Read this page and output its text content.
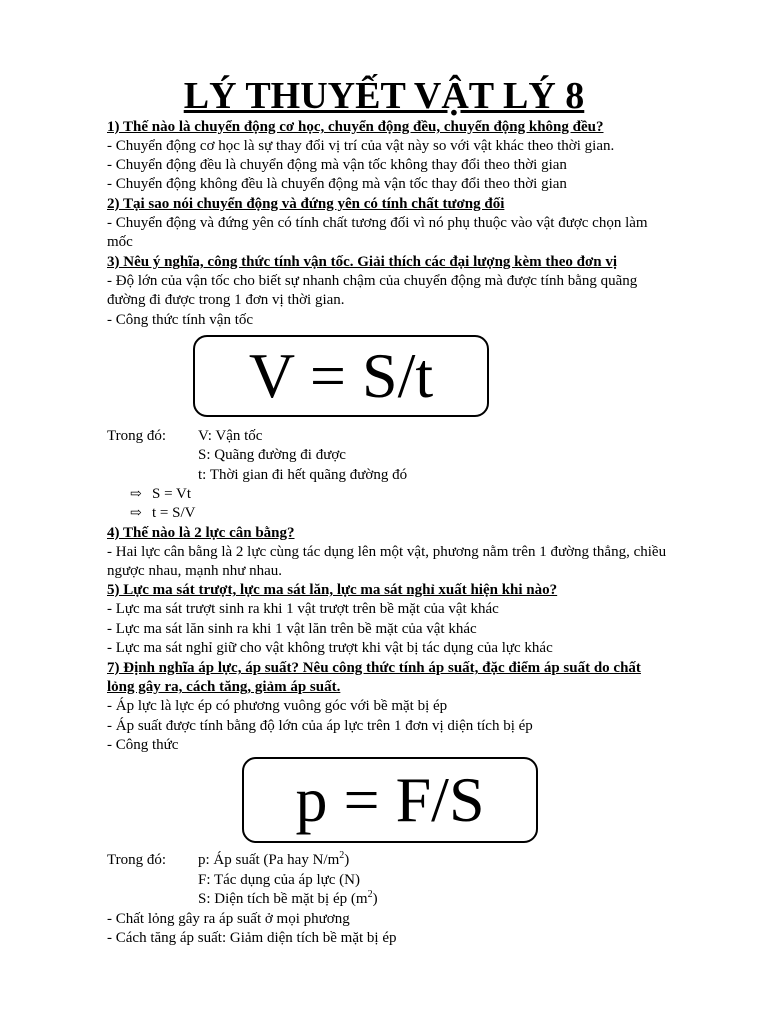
LÝ THUYẾT VẬT LÝ 8
1) Thế nào là chuyển động cơ học, chuyển động đều, chuyển động không đều?
- Chuyển động cơ học là sự thay đổi vị trí của vật này so với vật khác theo thời gian.
- Chuyển động đều là chuyển động mà vận tốc không thay đổi theo thời gian
- Chuyển động không đều là chuyển động mà vận tốc thay đổi theo thời gian
2) Tại sao nói chuyển động và đứng yên có tính chất tương đối
- Chuyển động và đứng yên có tính chất tương đối vì nó phụ thuộc vào vật được chọn làm
mốc
3) Nêu ý nghĩa, công thức tính vận tốc. Giải thích các đại lượng kèm theo đơn vị
- Độ lớn của vận tốc cho biết sự nhanh chậm của chuyển động mà được tính bằng quãng
đường đi được trong 1 đơn vị thời gian.
- Công thức tính vận tốc
V = S/t
Trong đó: V: Vận tốc
S: Quãng đường đi được
t: Thời gian đi hết quãng đường đó
⇨ S = Vt
⇨ t = S/V
4) Thế nào là 2 lực cân bằng?
- Hai lực cân bằng là 2 lực cùng tác dụng lên một vật, phương nằm trên 1 đường thẳng, chiều
ngược nhau, mạnh như nhau.
5) Lực ma sát trượt, lực ma sát lăn, lực ma sát nghỉ xuất hiện khi nào?
- Lực ma sát trượt sinh ra khi 1 vật trượt trên bề mặt của vật khác
- Lực ma sát lăn sinh ra khi 1 vật lăn trên bề mặt của vật khác
- Lực ma sát nghỉ giữ cho vật không trượt khi vật bị tác dụng của lực khác
7) Định nghĩa áp lực, áp suất? Nêu công thức tính áp suất, đặc điểm áp suất do chất
lỏng gây ra, cách tăng, giảm áp suất.
- Áp lực là lực ép có phương vuông góc với bề mặt bị ép
- Áp suất được tính bằng độ lớn của áp lực trên 1 đơn vị diện tích bị ép
- Công thức
p = F/S
Trong đó: p: Áp suất (Pa hay $N/m^2$)
F: Tác dụng của áp lực (N)
S: Diện tích bề mặt bị ép $(m^2)$
- Chất lỏng gây ra áp suất ở mọi phương
- Cách tăng áp suất: Giảm diện tích bề mặt bị ép
